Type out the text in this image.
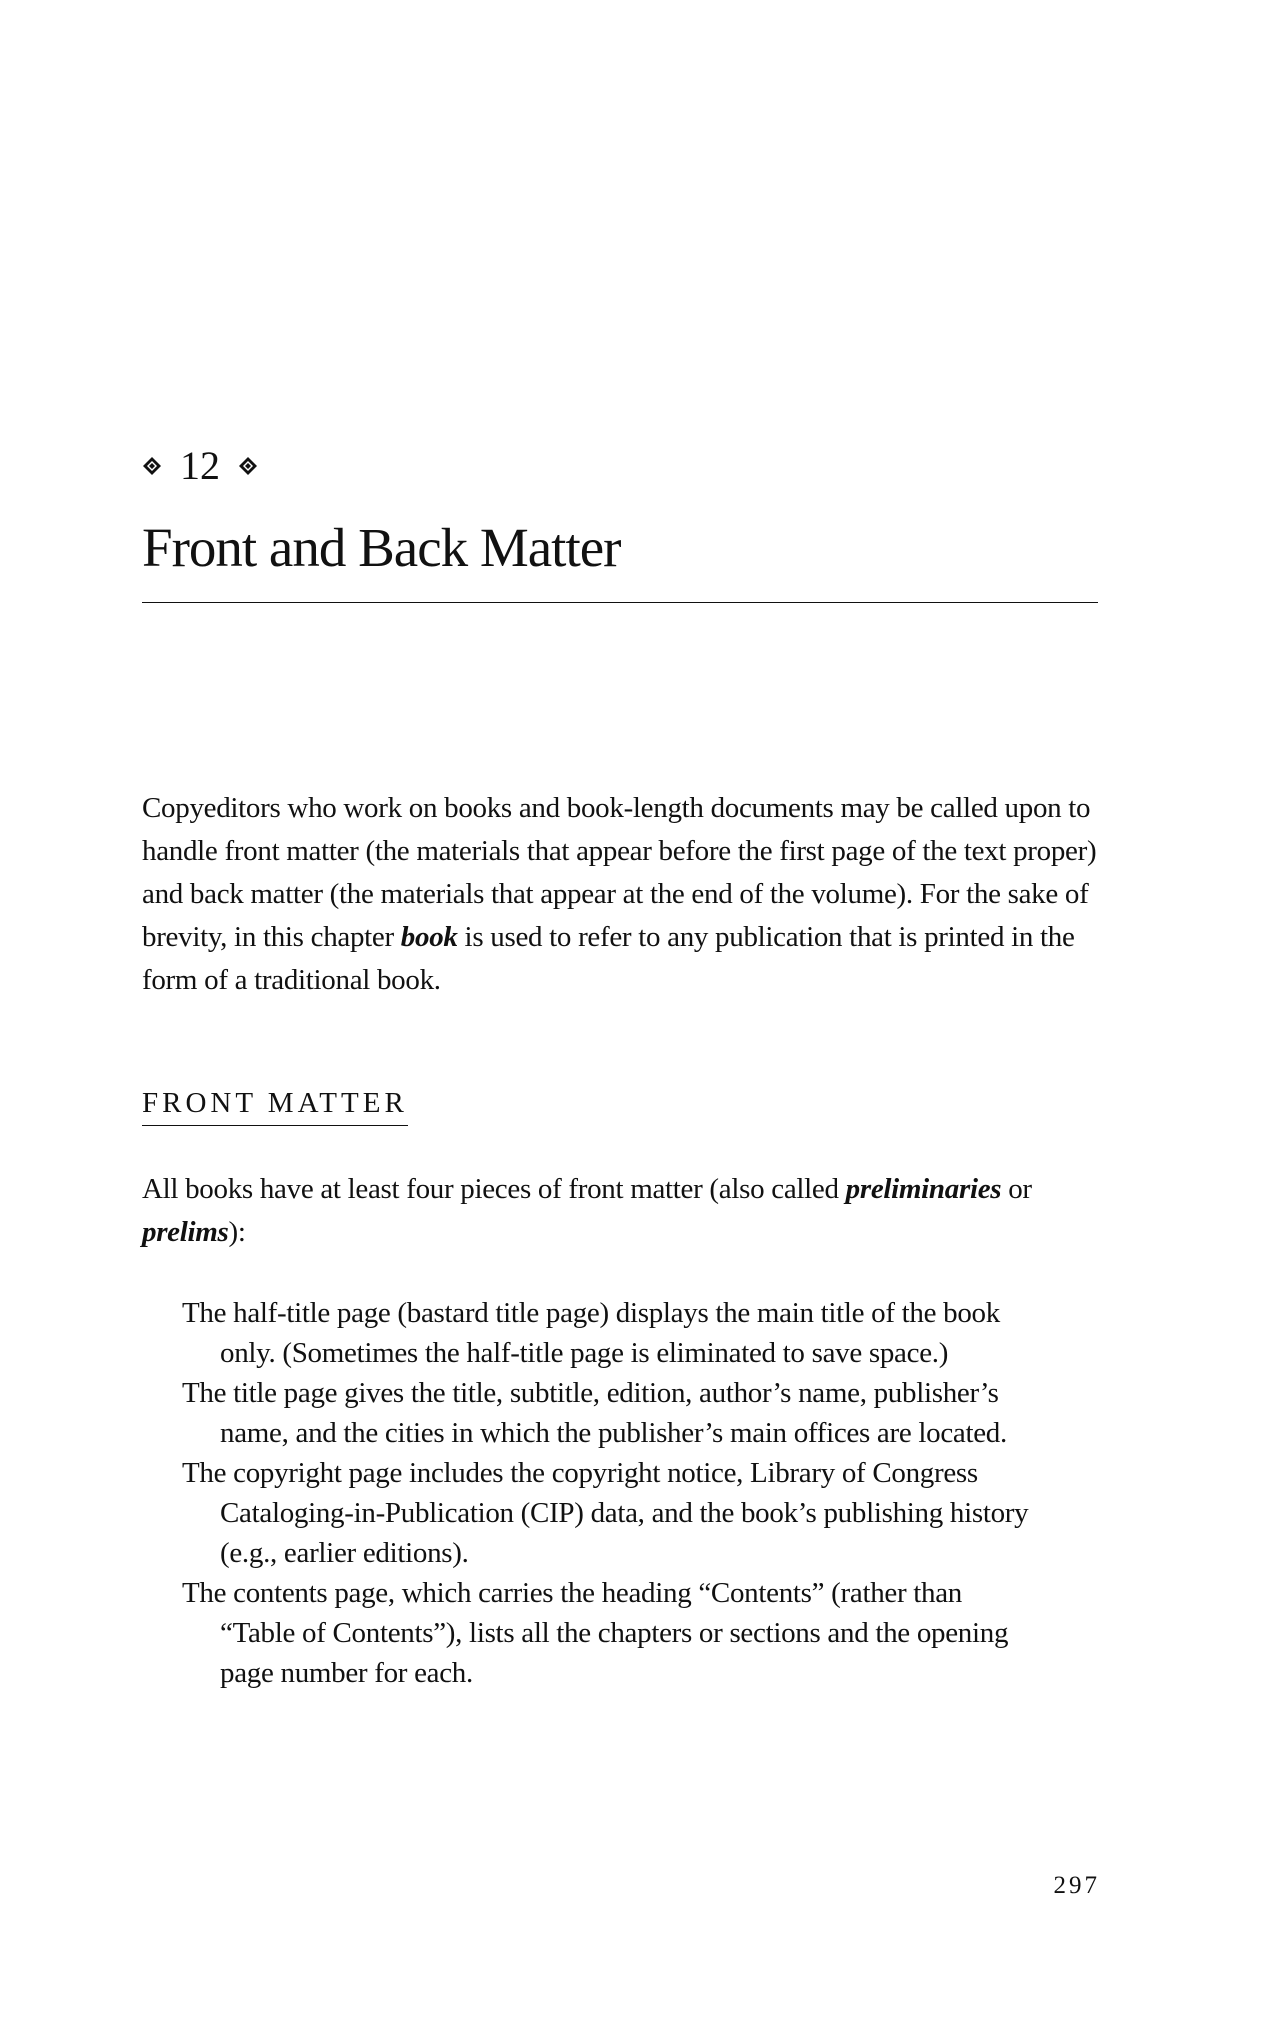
12
Front and Back Matter

Copyeditors who work on books and book-length documents may be called upon to handle front matter (the materials that appear before the first page of the text proper) and back matter (the materials that appear at the end of the volume). For the sake of brevity, in this chapter book is used to refer to any publication that is printed in the form of a traditional book.

FRONT MATTER

All books have at least four pieces of front matter (also called preliminaries or prelims):

The half-title page (bastard title page) displays the main title of the book only. (Sometimes the half-title page is eliminated to save space.)
The title page gives the title, subtitle, edition, author’s name, publisher’s name, and the cities in which the publisher’s main offices are located.
The copyright page includes the copyright notice, Library of Congress Cataloging-in-Publication (CIP) data, and the book’s publishing history (e.g., earlier editions).
The contents page, which carries the heading “Contents” (rather than “Table of Contents”), lists all the chapters or sections and the opening page number for each.
297
